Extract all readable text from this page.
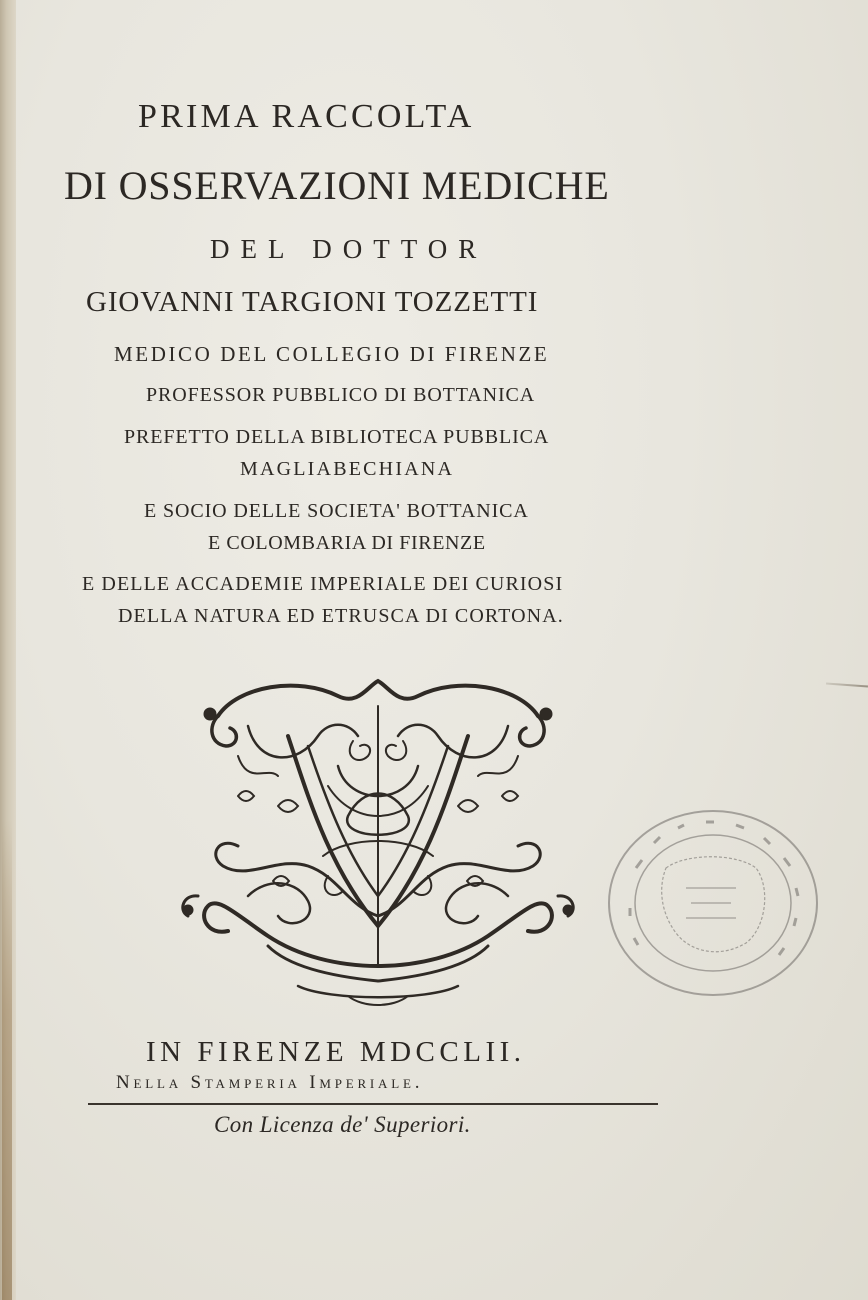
PRIMA RACCOLTA
DI OSSERVAZIONI MEDICHE
DEL DOTTOR
GIOVANNI TARGIONI TOZZETTI
MEDICO DEL COLLEGIO DI FIRENZE
PROFESSOR PUBBLICO DI BOTTANICA
PREFETTO DELLA BIBLIOTECA PUBBLICA
MAGLIABECHIANA
E SOCIO DELLE SOCIETA' BOTTANICA
E COLOMBARIA DI FIRENZE
E DELLE ACCADEMIE IMPERIALE DEI CURIOSI
DELLA NATURA ED ETRUSCA DI CORTONA.
IN FIRENZE MDCCLII.
Nella Stamperia Imperiale.
Con Licenza de' Superiori.
